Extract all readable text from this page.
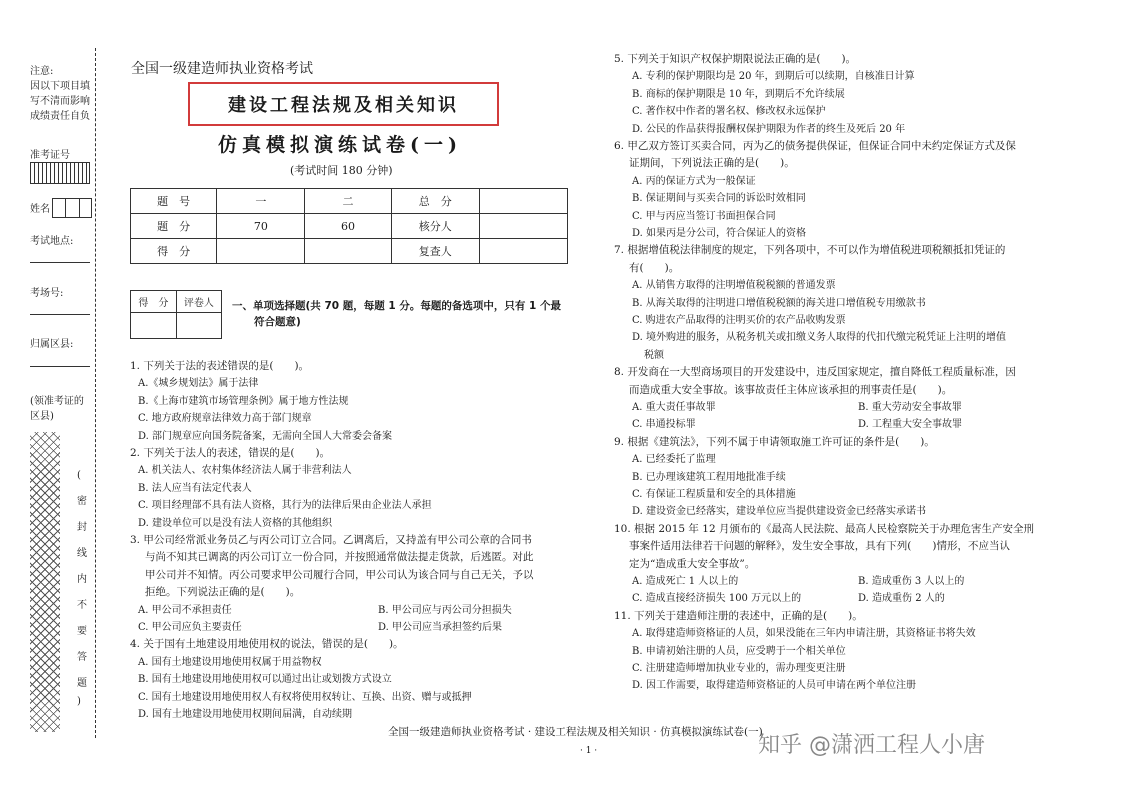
注意:
因以下项目填
写不清而影响
成绩责任自负
准考证号
姓名
考试地点:
考场号:
归属区县:
(领准考证的
区县)
(
密
封
线
内
不
要
答
题
)
全国一级建造师执业资格考试
建设工程法规及相关知识
仿真模拟演练试卷(一)
(考试时间 180 分钟)
题　号	一	二	总　分	
题　分	70	60	核分人	
得　分			复查人	
得　分	评卷人
	一、单项选择题(共 70 题，每题 1 分。每题的备选项中，只有 1 个最
符合题意)
1. 下列关于法的表述错误的是(　　)。
A.《城乡规划法》属于法律
B.《上海市建筑市场管理条例》属于地方性法规
C. 地方政府规章法律效力高于部门规章
D. 部门规章应向国务院备案，无需向全国人大常委会备案
2. 下列关于法人的表述，错误的是(　　)。
A. 机关法人、农村集体经济法人属于非营利法人
B. 法人应当有法定代表人
C. 项目经理部不具有法人资格，其行为的法律后果由企业法人承担
D. 建设单位可以是没有法人资格的其他组织
3. 甲公司经常派业务员乙与丙公司订立合同。乙调离后，又持盖有甲公司公章的合同书
与尚不知其已调离的丙公司订立一份合同，并按照通常做法提走货款，后逃匿。对此
甲公司并不知情。丙公司要求甲公司履行合同，甲公司认为该合同与自己无关，予以
拒绝。下列说法正确的是(　　)。
A. 甲公司不承担责任	B. 甲公司应与丙公司分担损失
C. 甲公司应负主要责任	D. 甲公司应当承担签约后果
4. 关于国有土地建设用地使用权的说法，错误的是(　　)。
A. 国有土地建设用地使用权属于用益物权
B. 国有土地建设用地使用权可以通过出让或划拨方式设立
C. 国有土地建设用地使用权人有权将使用权转让、互换、出资、赠与或抵押
D. 国有土地建设用地使用权期间届满，自动续期
5. 下列关于知识产权保护期限说法正确的是(　　)。
A. 专利的保护期限均是 20 年，到期后可以续期，自核准日计算
B. 商标的保护期限是 10 年，到期后不允许续展
C. 著作权中作者的署名权、修改权永远保护
D. 公民的作品获得报酬权保护期限为作者的终生及死后 20 年
6. 甲乙双方签订买卖合同，丙为乙的债务提供保证，但保证合同中未约定保证方式及保
证期间，下列说法正确的是(　　)。
A. 丙的保证方式为一般保证
B. 保证期间与买卖合同的诉讼时效相同
C. 甲与丙应当签订书面担保合同
D. 如果丙是分公司，符合保证人的资格
7. 根据增值税法律制度的规定，下列各项中，不可以作为增值税进项税额抵扣凭证的
有(　　)。
A. 从销售方取得的注明增值税税额的普通发票
B. 从海关取得的注明进口增值税税额的海关进口增值税专用缴款书
C. 购进农产品取得的注明买价的农产品收购发票
D. 境外购进的服务，从税务机关或扣缴义务人取得的代扣代缴完税凭证上注明的增值
税额
8. 开发商在一大型商场项目的开发建设中，违反国家规定，擅自降低工程质量标准，因
而造成重大安全事故。该事故责任主体应该承担的刑事责任是(　　)。
A. 重大责任事故罪	B. 重大劳动安全事故罪
C. 串通投标罪	D. 工程重大安全事故罪
9. 根据《建筑法》，下列不属于申请领取施工许可证的条件是(　　)。
A. 已经委托了监理
B. 已办理该建筑工程用地批准手续
C. 有保证工程质量和安全的具体措施
D. 建设资金已经落实，建设单位应当提供建设资金已经落实承诺书
10. 根据 2015 年 12 月颁布的《最高人民法院、最高人民检察院关于办理危害生产安全刑
事案件适用法律若干问题的解释》，发生安全事故，具有下列(　　)情形，不应当认
定为“造成重大安全事故”。
A. 造成死亡 1 人以上的	B. 造成重伤 3 人以上的
C. 造成直接经济损失 100 万元以上的	D. 造成重伤 2 人的
11. 下列关于建造师注册的表述中，正确的是(　　)。
A. 取得建造师资格证的人员，如果没能在三年内申请注册，其资格证书将失效
B. 申请初始注册的人员，应受聘于一个相关单位
C. 注册建造师增加执业专业的，需办理变更注册
D. 因工作需要，取得建造师资格证的人员可申请在两个单位注册
全国一级建造师执业资格考试 · 建设工程法规及相关知识 · 仿真模拟演练试卷(一)
· 1 ·	知乎 @潇洒工程人小唐
